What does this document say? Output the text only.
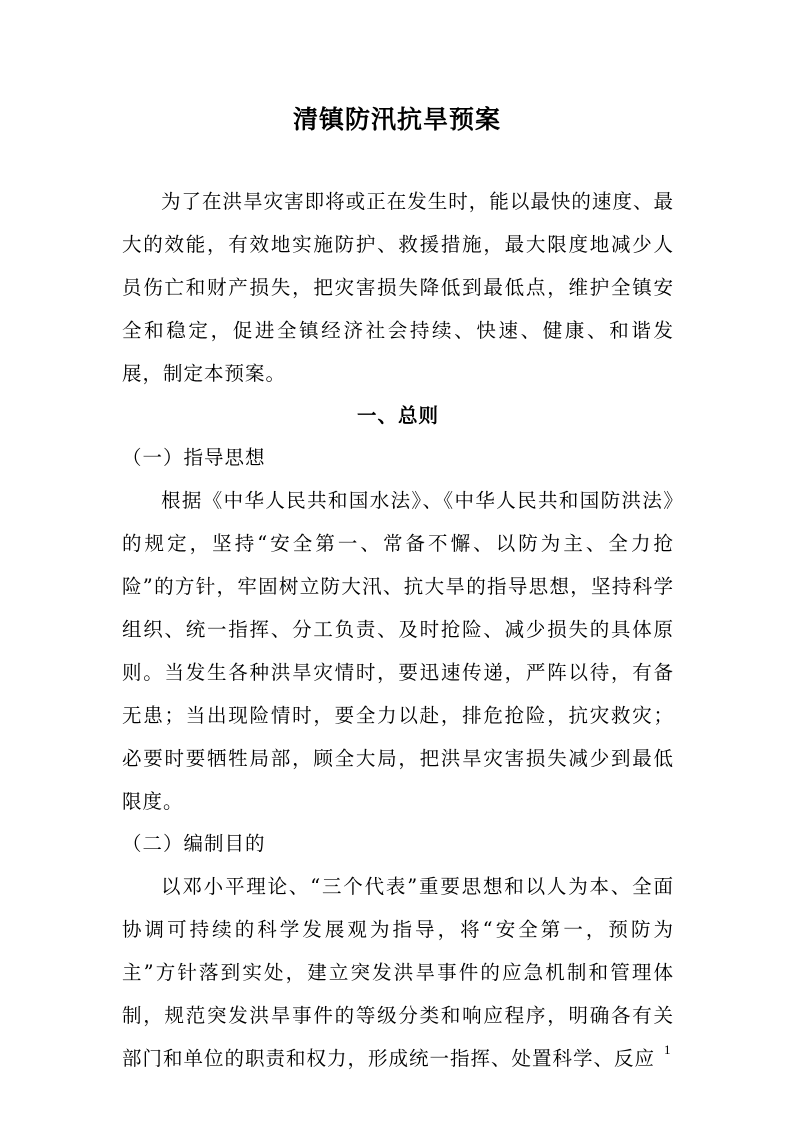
清镇防汛抗旱预案

为了在洪旱灾害即将或正在发生时，能以最快的速度、最大的效能，有效地实施防护、救援措施，最大限度地减少人员伤亡和财产损失，把灾害损失降低到最低点，维护全镇安全和稳定，促进全镇经济社会持续、快速、健康、和谐发展，制定本预案。

一、总则

（一）指导思想

根据《中华人民共和国水法》、《中华人民共和国防洪法》的规定，坚持“安全第一、常备不懈、以防为主、全力抢险”的方针，牢固树立防大汛、抗大旱的指导思想，坚持科学组织、统一指挥、分工负责、及时抢险、减少损失的具体原则。当发生各种洪旱灾情时，要迅速传递，严阵以待，有备无患；当出现险情时，要全力以赴，排危抢险，抗灾救灾；必要时要牺牲局部，顾全大局，把洪旱灾害损失减少到最低限度。

（二）编制目的

以邓小平理论、“三个代表”重要思想和以人为本、全面协调可持续的科学发展观为指导，将“安全第一，预防为主”方针落到实处，建立突发洪旱事件的应急机制和管理体制，规范突发洪旱事件的等级分类和响应程序，明确各有关部门和单位的职责和权力，形成统一指挥、处置科学、反应 1
